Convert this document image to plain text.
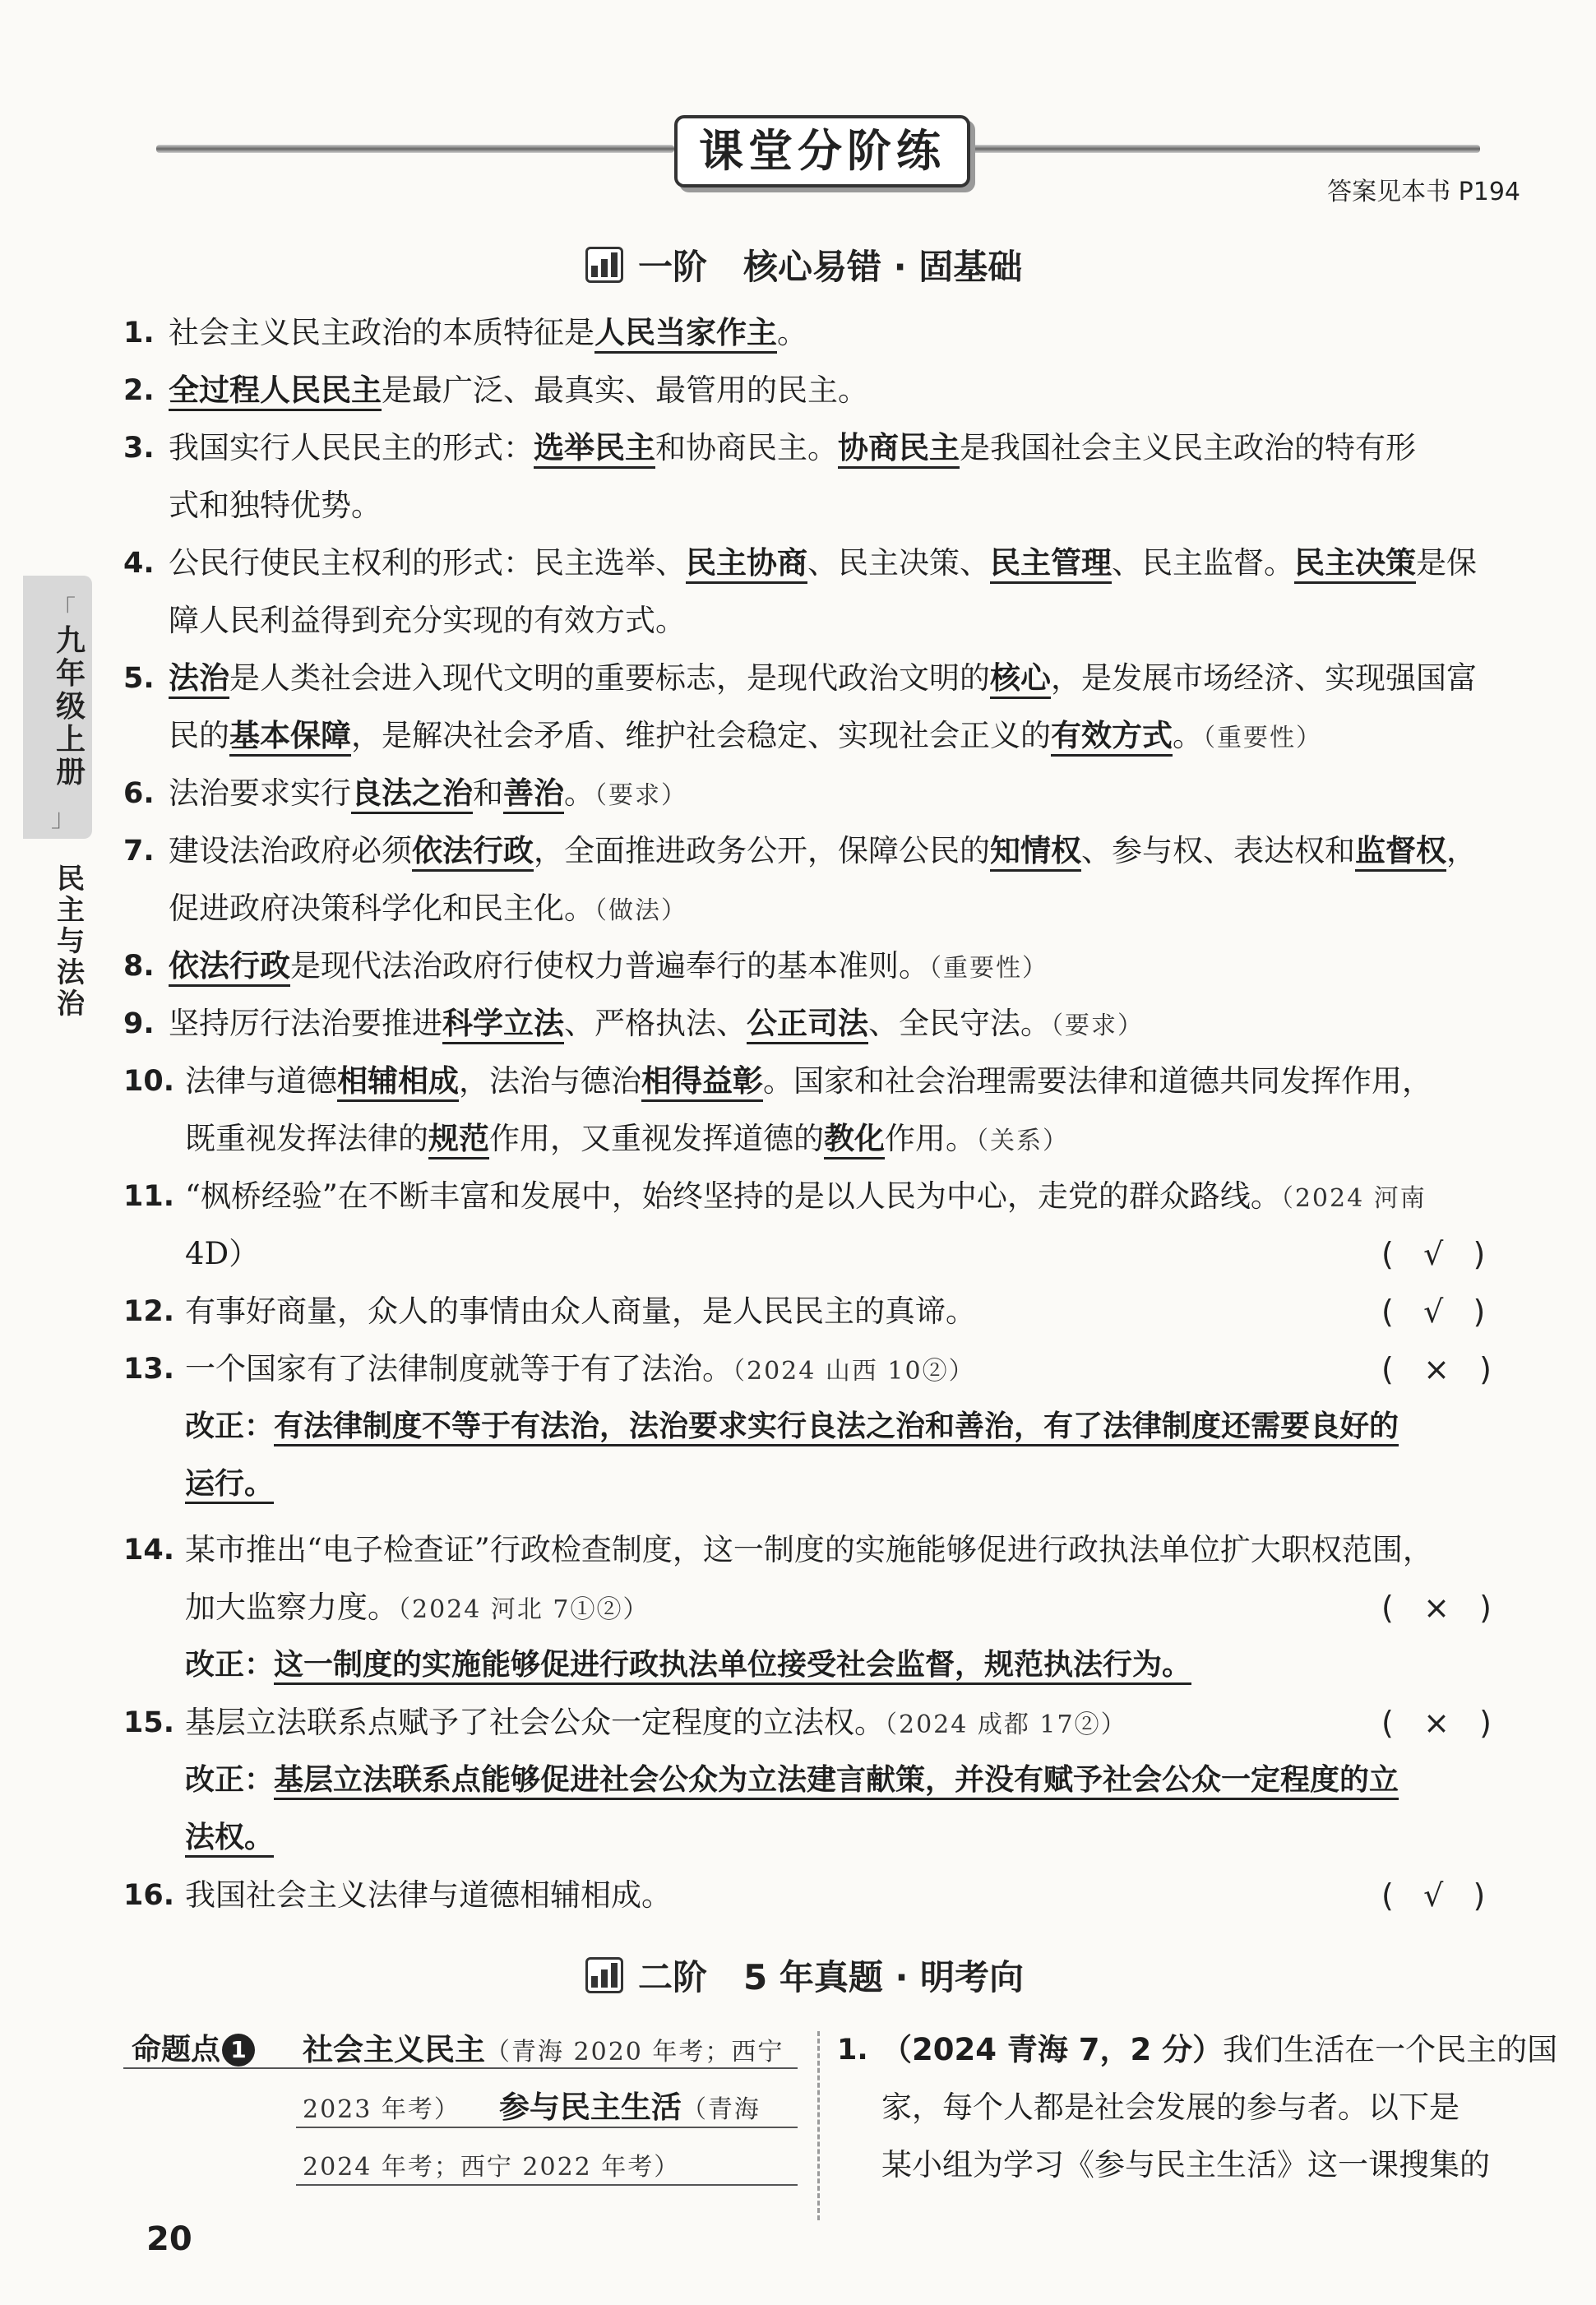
课堂分阶练
答案见本书 P194
「
九年级上册
」
民主与法治
一阶 核心易错 · 固基础
1. 社会主义民主政治的本质特征是人民当家作主。
2. 全过程人民民主是最广泛、最真实、最管用的民主。
3. 我国实行人民民主的形式：选举民主和协商民主。协商民主是我国社会主义民主政治的特有形
式和独特优势。
4. 公民行使民主权利的形式：民主选举、民主协商、民主决策、民主管理、民主监督。民主决策是保
障人民利益得到充分实现的有效方式。
5. 法治是人类社会进入现代文明的重要标志，是现代政治文明的核心，是发展市场经济、实现强国富
民的基本保障，是解决社会矛盾、维护社会稳定、实现社会正义的有效方式。（重要性）
6. 法治要求实行良法之治和善治。（要求）
7. 建设法治政府必须依法行政，全面推进政务公开，保障公民的知情权、参与权、表达权和监督权，
促进政府决策科学化和民主化。（做法）
8. 依法行政是现代法治政府行使权力普遍奉行的基本准则。（重要性）
9. 坚持厉行法治要推进科学立法、严格执法、公正司法、全民守法。（要求）
10. 法律与道德相辅相成，法治与德治相得益彰。国家和社会治理需要法律和道德共同发挥作用，
既重视发挥法律的规范作用，又重视发挥道德的教化作用。（关系）
11. “枫桥经验”在不断丰富和发展中，始终坚持的是以人民为中心，走党的群众路线。（2024 河南
4D）	(   √   )
12. 有事好商量，众人的事情由众人商量，是人民民主的真谛。	(   √   )
13. 一个国家有了法律制度就等于有了法治。（2024 山西 10②）	(   ×   )
改正：有法律制度不等于有法治，法治要求实行良法之治和善治，有了法律制度还需要良好的
运行。
14. 某市推出“电子检查证”行政检查制度，这一制度的实施能够促进行政执法单位扩大职权范围，
加大监察力度。（2024 河北 7①②）	(   ×   )
改正：这一制度的实施能够促进行政执法单位接受社会监督，规范执法行为。
15. 基层立法联系点赋予了社会公众一定程度的立法权。（2024 成都 17②）	(   ×   )
改正：基层立法联系点能够促进社会公众为立法建言献策，并没有赋予社会公众一定程度的立
法权。
16. 我国社会主义法律与道德相辅相成。	(   √   )
二阶 5 年真题 · 明考向
命题点 1 社会主义民主（青海 2020 年考；西宁
2023 年考） 参与民主生活（青海
2024 年考；西宁 2022 年考）
1. （2024 青海 7，2 分）我们生活在一个民主的国
家，每个人都是社会发展的参与者。以下是
某小组为学习《参与民主生活》这一课搜集的
20
